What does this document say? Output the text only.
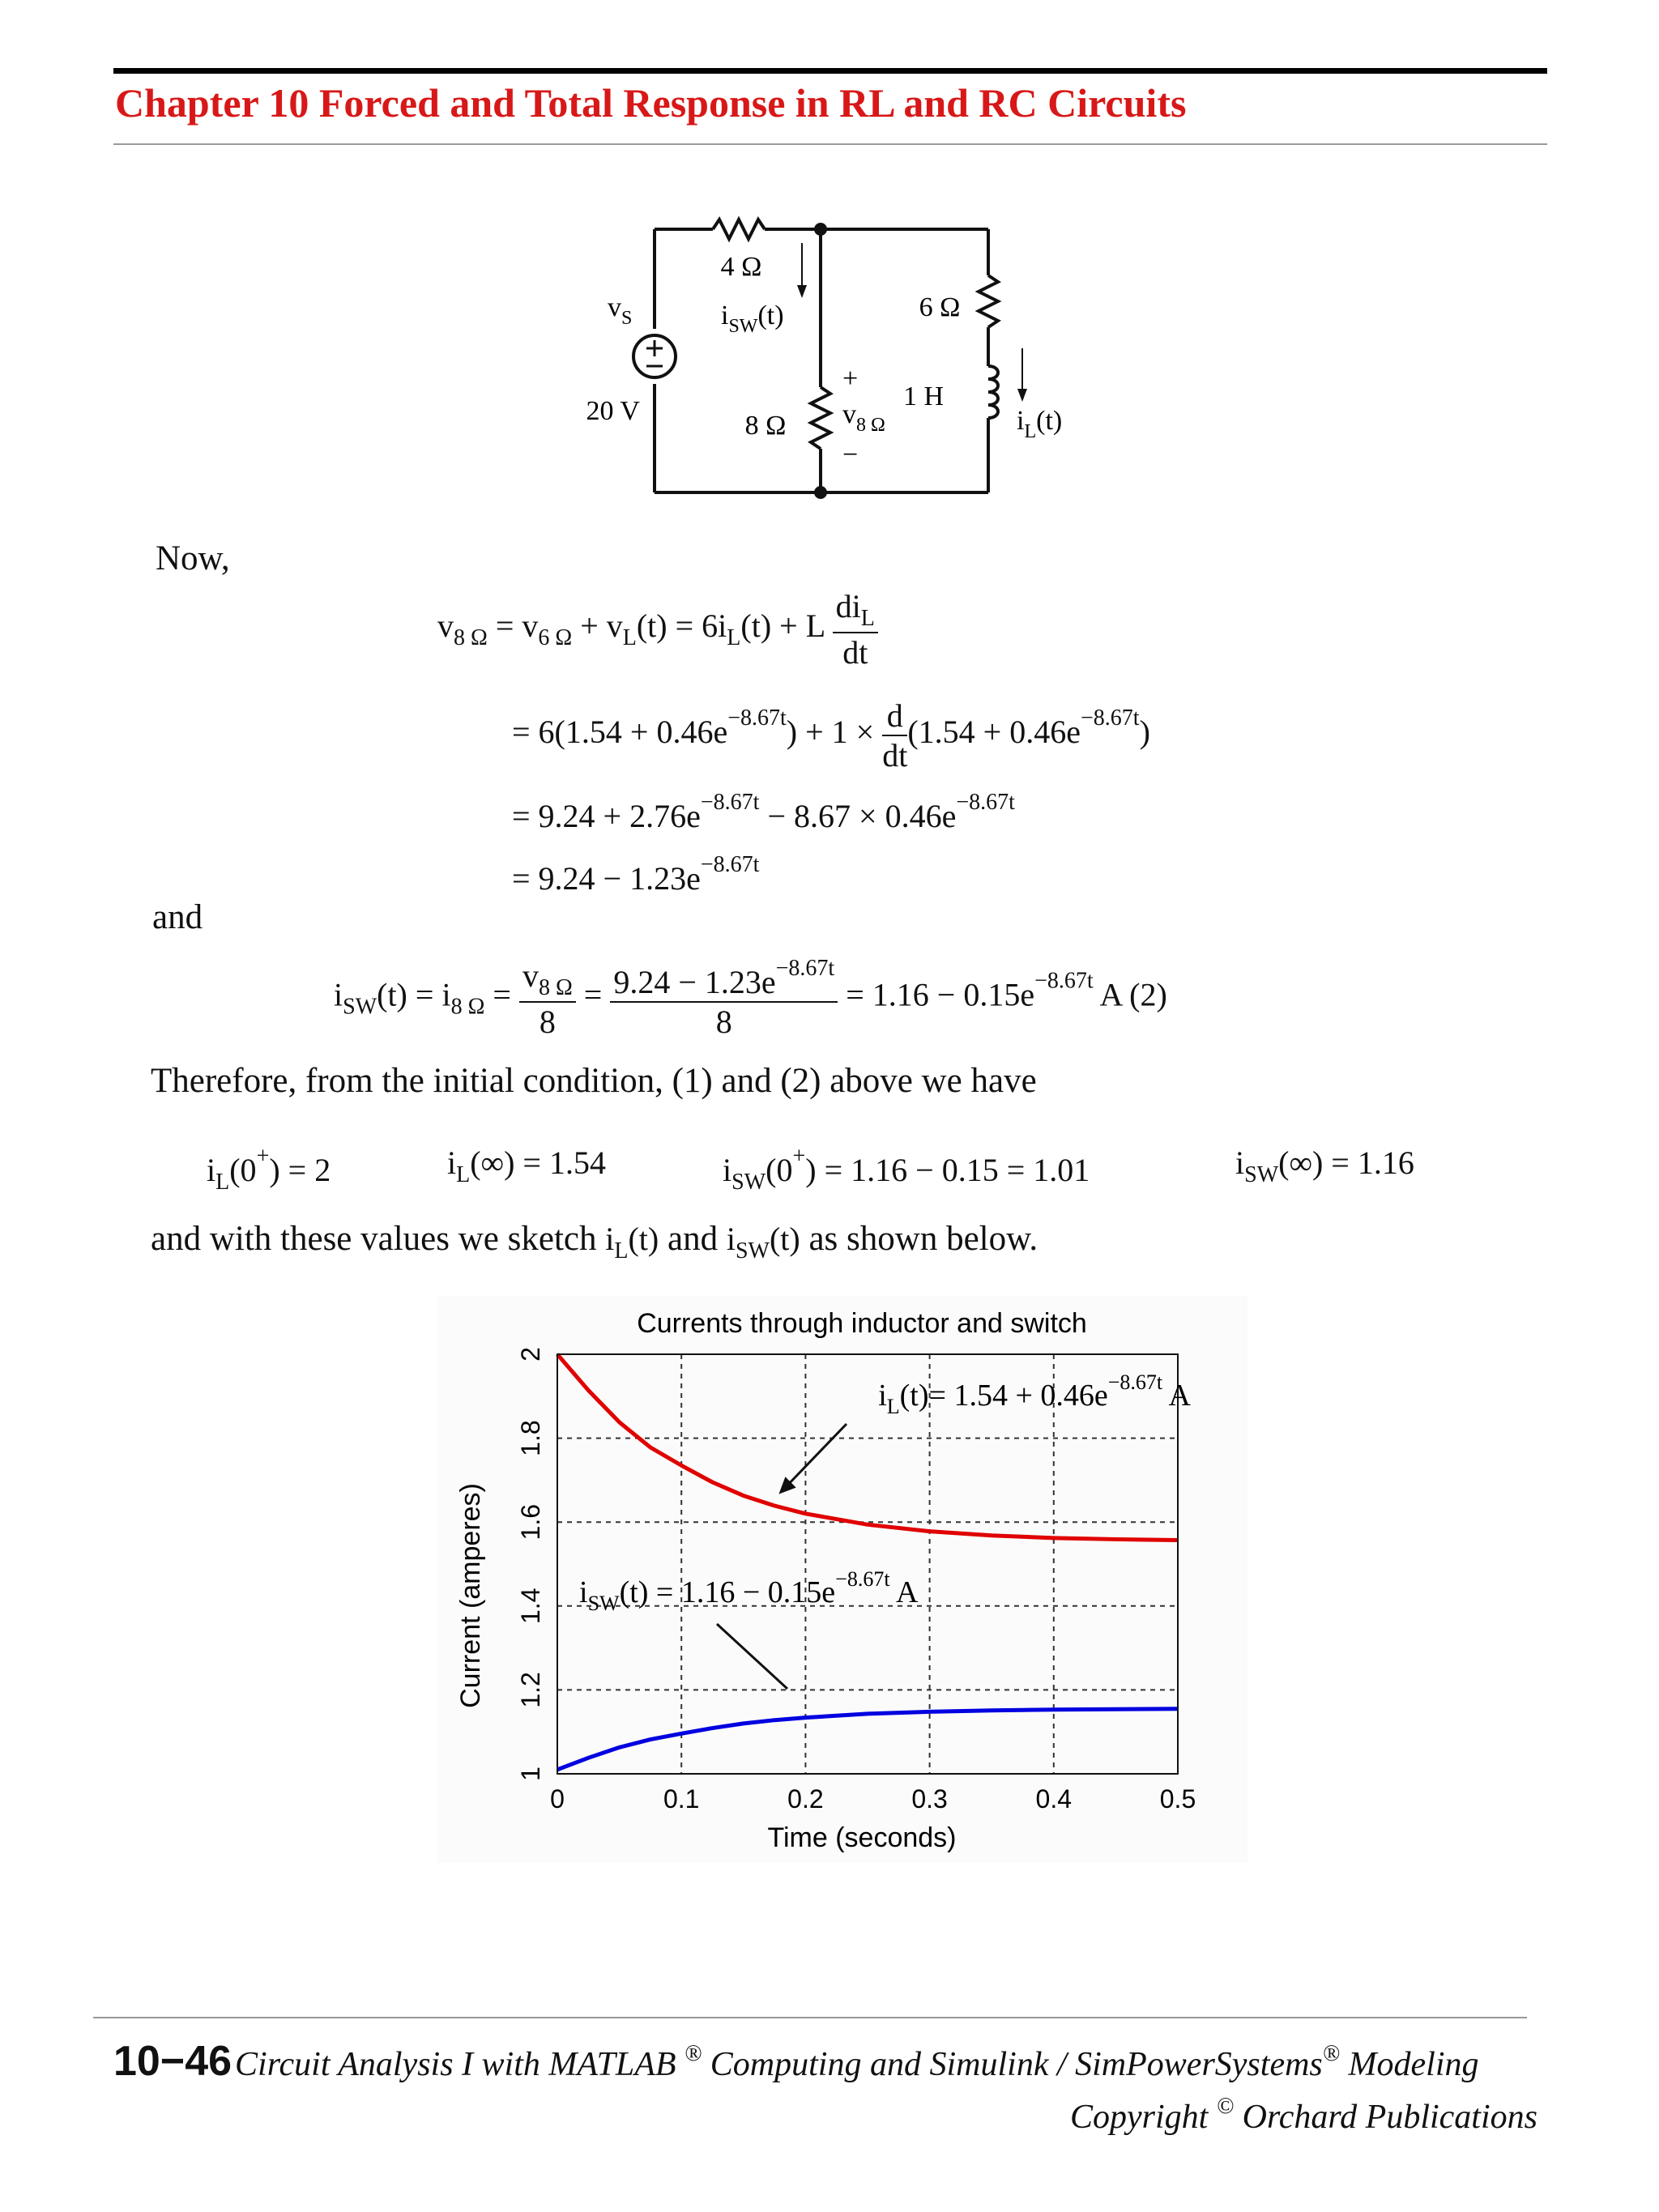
Chapter 10 Forced and Total Response in RL and RC Circuits
4 Ω
6 Ω
1 H
8 Ω
$v_S$
20 V
$i_{SW}(t)$
$i_L(t)$
$v_{8 \Omega}$
+
−
Now,
$v_{8 \Omega} = v_{6 \Omega} + v_L(t) = 6i_L(t) + L \frac{di_L}{dt}$
= $6(1.54 + 0.46e^{-8.67t}) + 1 \times \frac{d}{dt} (1.54 + 0.46e^{-8.67t})$
= $9.24 + 2.76e^{-8.67t} - 8.67 \times 0.46e^{-8.67t}$
= $9.24 - 1.23e^{-8.67t}$
and
$i_{SW}(t) = i_{8 \Omega} = \frac{v_{8 \Omega}}{8} = \frac{9.24 - 1.23e^{-8.67t}}{8} = 1.16 - 0.15e^{-8.67t}$ A (2)
Therefore, from the initial condition, (1) and (2) above we have
$i_L(0^+) = 2$	$i_L(\infty) = 1.54$	$i_{SW}(0^+) = 1.16 - 0.15 = 1.01$	$i_{SW}(\infty) = 1.16$
and with these values we sketch $i_L(t)$ and $i_{SW}(t)$ as shown below.
Currents through inductor and switch
Time (seconds)
Current (amperes)
0	0.1	0.2	0.3	0.4	0.5
1
1.2
1.4
1.6
1.8
2
$i_L(t)= 1.54 + 0.46e^{-8.67t}$ A
$i_{SW}(t) = 1.16 - 0.15e^{-8.67t}$ A
10−46 Circuit Analysis I with MATLAB ® Computing and Simulink / SimPowerSystems® Modeling
Copyright © Orchard Publications
